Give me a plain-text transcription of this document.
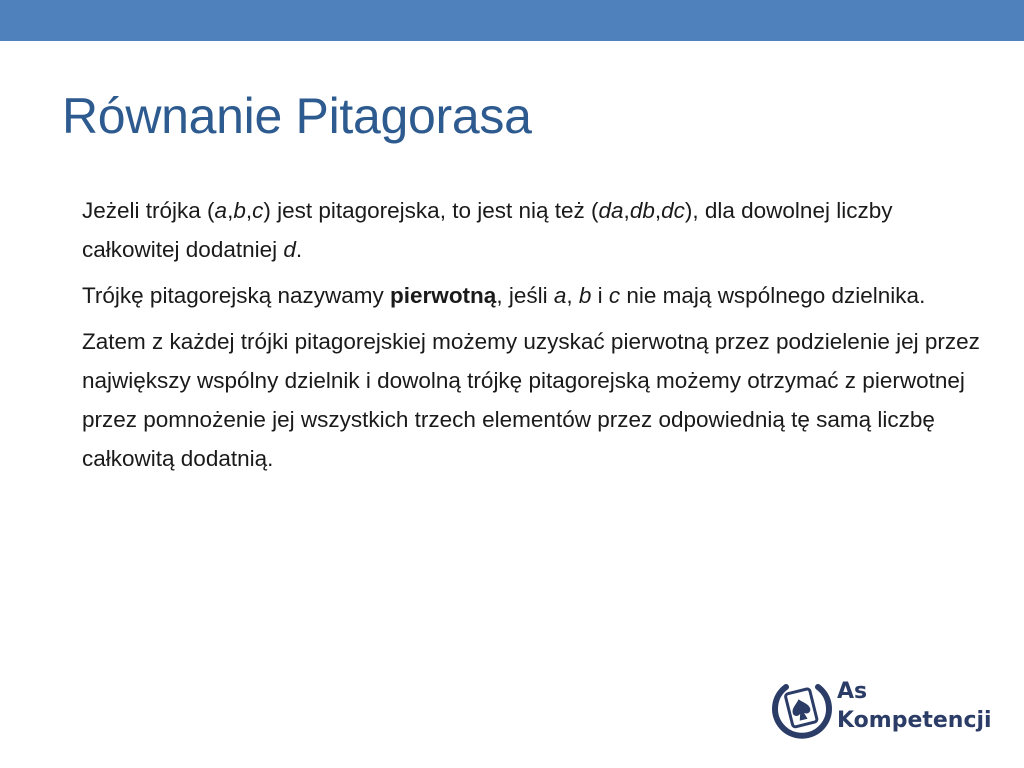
Równanie Pitagorasa

Jeżeli trójka (a,b,c) jest pitagorejska, to jest nią też (da,db,dc), dla dowolnej liczby całkowitej dodatniej d.

Trójkę pitagorejską nazywamy pierwotną, jeśli a, b i c nie mają wspólnego dzielnika.

Zatem z każdej trójki pitagorejskiej możemy uzyskać pierwotną przez podzielenie jej przez największy wspólny dzielnik i dowolną trójkę pitagorejską możemy otrzymać z pierwotnej przez pomnożenie jej wszystkich trzech elementów przez odpowiednią tę samą liczbę całkowitą dodatnią.

As
Kompetencji
